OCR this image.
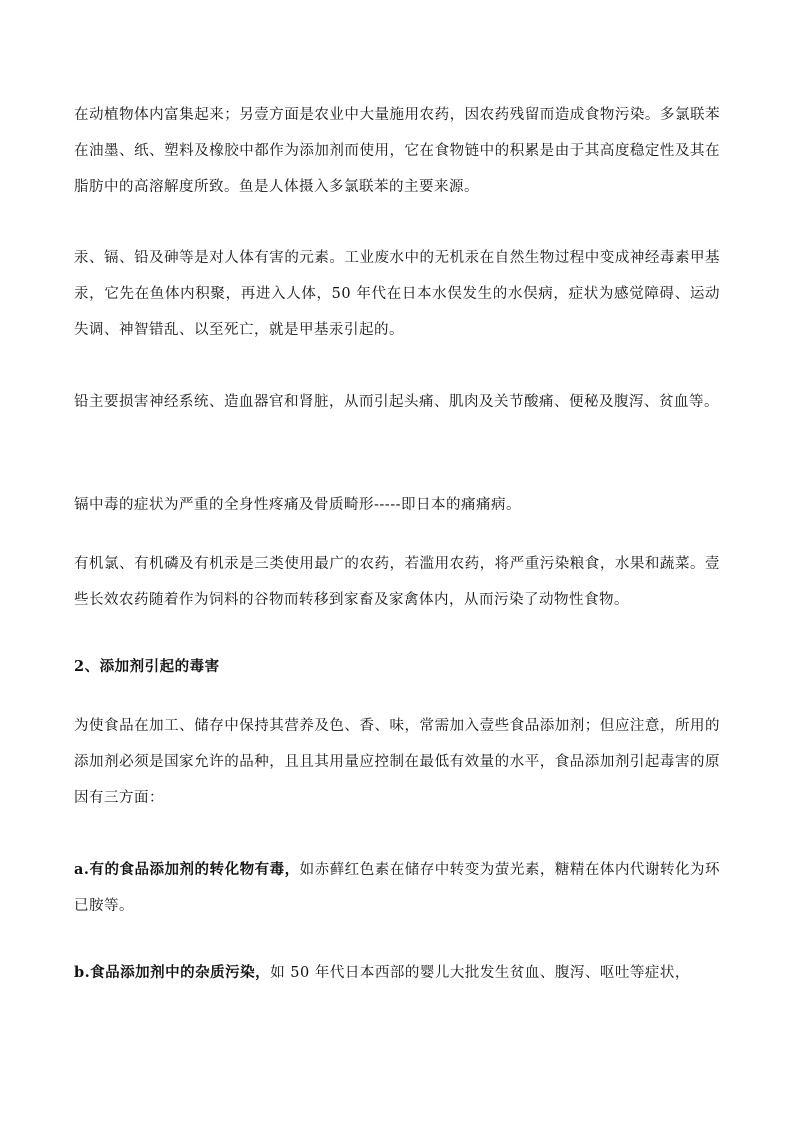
在动植物体内富集起来；另壹方面是农业中大量施用农药，因农药残留而造成食物污染。多氯联苯在油墨、纸、塑料及橡胶中都作为添加剂而使用，它在食物链中的积累是由于其高度稳定性及其在脂肪中的高溶解度所致。鱼是人体摄入多氯联苯的主要来源。

汞、镉、铅及砷等是对人体有害的元素。工业废水中的无机汞在自然生物过程中变成神经毒素甲基汞，它先在鱼体内积聚，再进入人体，50 年代在日本水俣发生的水俣病，症状为感觉障碍、运动失调、神智错乱、以至死亡，就是甲基汞引起的。

铅主要损害神经系统、造血器官和肾脏，从而引起头痛、肌肉及关节酸痛、便秘及腹泻、贫血等。

镉中毒的症状为严重的全身性疼痛及骨质畸形-----即日本的痛痛病。

有机氯、有机磷及有机汞是三类使用最广的农药，若滥用农药，将严重污染粮食，水果和蔬菜。壹些长效农药随着作为饲料的谷物而转移到家畜及家禽体内，从而污染了动物性食物。

2、添加剂引起的毒害

为使食品在加工、储存中保持其营养及色、香、味，常需加入壹些食品添加剂；但应注意，所用的添加剂必须是国家允许的品种，且且其用量应控制在最低有效量的水平，食品添加剂引起毒害的原因有三方面：

a.有的食品添加剂的转化物有毒，如赤藓红色素在储存中转变为萤光素，糖精在体内代谢转化为环已胺等。

b.食品添加剂中的杂质污染，如 50 年代日本西部的婴儿大批发生贫血、腹泻、呕吐等症状，
